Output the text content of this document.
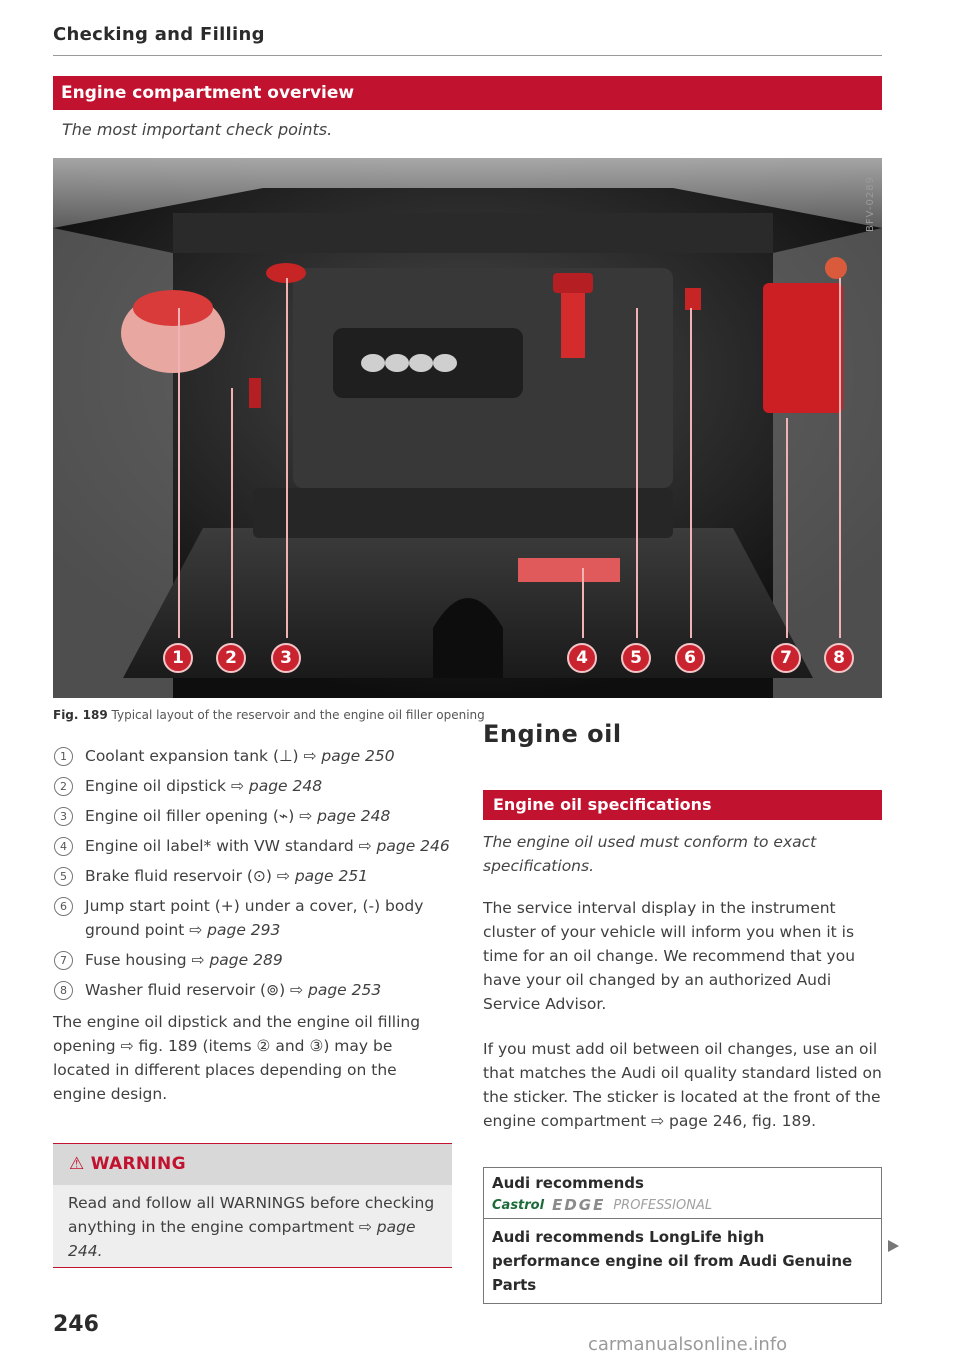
Checking and Filling
Engine compartment overview
The most important check points.
1	2	3	4	5	6	7	8
BFV-0289
Fig. 189 Typical layout of the reservoir and the engine oil filler opening
1	Coolant expansion tank (⊥) ⇨ page 250
2	Engine oil dipstick ⇨ page 248
3	Engine oil filler opening (⌁) ⇨ page 248
4	Engine oil label* with VW standard ⇨ page 246
5	Brake fluid reservoir (⊙) ⇨ page 251
6	Jump start point (+) under a cover, (-) body ground point ⇨ page 293
7	Fuse housing ⇨ page 289
8	Washer fluid reservoir (⊚) ⇨ page 253
The engine oil dipstick and the engine oil filling opening ⇨ fig. 189 (items ② and ③) may be located in different places depending on the engine design.
⚠ WARNING
Read and follow all WARNINGS before checking anything in the engine compartment ⇨ page 244.
246
Engine oil
Engine oil specifications
The engine oil used must conform to exact specifications.
The service interval display in the instrument cluster of your vehicle will inform you when it is time for an oil change. We recommend that you have your oil changed by an authorized Audi Service Advisor.
If you must add oil between oil changes, use an oil that matches the Audi oil quality standard listed on the sticker. The sticker is located at the front of the engine compartment ⇨ page 246, fig. 189.
Audi recommends
Castrol EDGE PROFESSIONAL
Audi recommends LongLife high performance engine oil from Audi Genuine Parts
carmanualsonline.info
